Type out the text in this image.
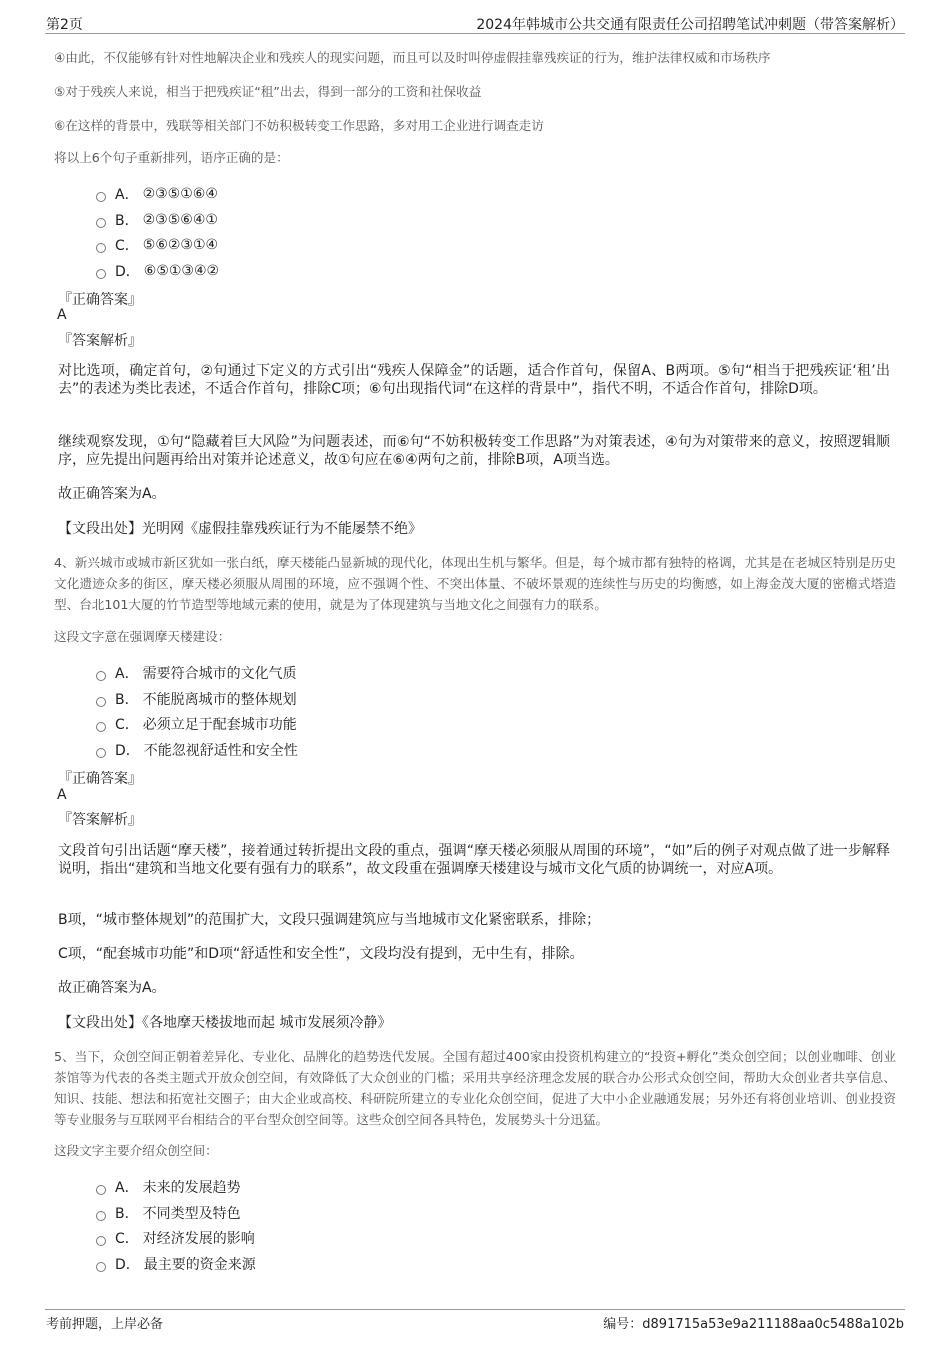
第2页	2024年韩城市公共交通有限责任公司招聘笔试冲刺题（带答案解析）

④由此，不仅能够有针对性地解决企业和残疾人的现实问题，而且可以及时叫停虚假挂靠残疾证的行为，维护法律权威和市场秩序

⑤对于残疾人来说，相当于把残疾证“租”出去，得到一部分的工资和社保收益

⑥在这样的背景中，残联等相关部门不妨积极转变工作思路，多对用工企业进行调查走访

将以上6个句子重新排列，语序正确的是：

A． ②③⑤①⑥④
B． ②③⑤⑥④①
C． ⑤⑥②③①④
D． ⑥⑤①③④②
『正确答案』
A
『答案解析』

对比选项，确定首句，②句通过下定义的方式引出“残疾人保障金”的话题，适合作首句，保留A、B两项。⑤句“相当于把残疾证‘租’出去”的表述为类比表述，不适合作首句，排除C项；⑥句出现指代词“在这样的背景中”，指代不明，不适合作首句，排除D项。

继续观察发现，①句“隐藏着巨大风险”为问题表述，而⑥句“不妨积极转变工作思路”为对策表述，④句为对策带来的意义，按照逻辑顺序，应先提出问题再给出对策并论述意义，故①句应在⑥④两句之前，排除B项，A项当选。

故正确答案为A。

【文段出处】光明网《虚假挂靠残疾证行为不能屡禁不绝》

4、新兴城市或城市新区犹如一张白纸，摩天楼能凸显新城的现代化，体现出生机与繁华。但是，每个城市都有独特的格调，尤其是在老城区特别是历史文化遗迹众多的街区，摩天楼必须服从周围的环境，应不强调个性、不突出体量、不破坏景观的连续性与历史的均衡感，如上海金茂大厦的密檐式塔造型、台北101大厦的竹节造型等地域元素的使用，就是为了体现建筑与当地文化之间强有力的联系。

这段文字意在强调摩天楼建设：

A． 需要符合城市的文化气质
B． 不能脱离城市的整体规划
C． 必须立足于配套城市功能
D． 不能忽视舒适性和安全性
『正确答案』
A
『答案解析』

文段首句引出话题“摩天楼”，接着通过转折提出文段的重点，强调“摩天楼必须服从周围的环境”，“如”后的例子对观点做了进一步解释说明，指出“建筑和当地文化要有强有力的联系”，故文段重在强调摩天楼建设与城市文化气质的协调统一，对应A项。

B项，“城市整体规划”的范围扩大，文段只强调建筑应与当地城市文化紧密联系，排除；

C项，“配套城市功能”和D项“舒适性和安全性”，文段均没有提到，无中生有，排除。

故正确答案为A。

【文段出处】《各地摩天楼拔地而起 城市发展须冷静》

5、当下，众创空间正朝着差异化、专业化、品牌化的趋势迭代发展。全国有超过400家由投资机构建立的“投资+孵化”类众创空间；以创业咖啡、创业茶馆等为代表的各类主题式开放众创空间，有效降低了大众创业的门槛；采用共享经济理念发展的联合办公形式众创空间，帮助大众创业者共享信息、知识、技能、想法和拓宽社交圈子；由大企业或高校、科研院所建立的专业化众创空间，促进了大中小企业融通发展；另外还有将创业培训、创业投资等专业服务与互联网平台相结合的平台型众创空间等。这些众创空间各具特色，发展势头十分迅猛。

这段文字主要介绍众创空间：

A． 未来的发展趋势
B． 不同类型及特色
C． 对经济发展的影响
D． 最主要的资金来源
考前押题，上岸必备	编号：d891715a53e9a211188aa0c5488a102b
